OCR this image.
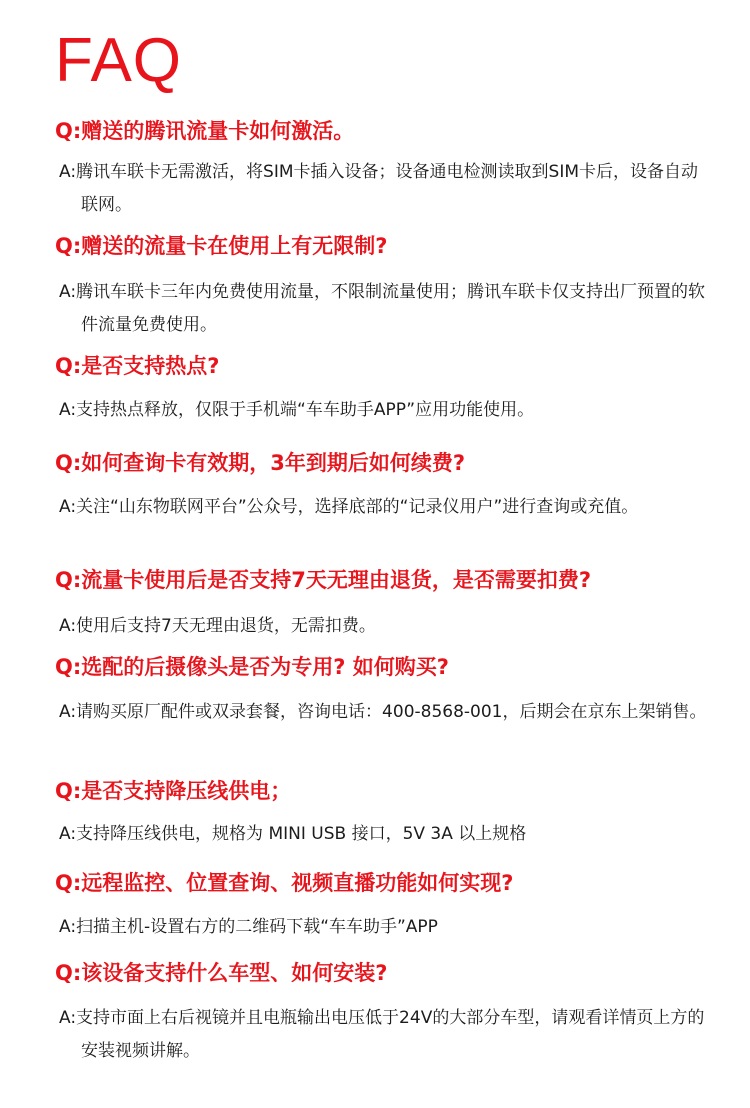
FAQ

Q:赠送的腾讯流量卡如何激活。

A:腾讯车联卡无需激活，将SIM卡插入设备；设备通电检测读取到SIM卡后，设备自动联网。

Q:赠送的流量卡在使用上有无限制?

A:腾讯车联卡三年内免费使用流量，不限制流量使用；腾讯车联卡仅支持出厂预置的软件流量免费使用。

Q:是否支持热点?

A:支持热点释放，仅限于手机端“车车助手APP”应用功能使用。

Q:如何查询卡有效期，3年到期后如何续费?

A:关注“山东物联网平台”公众号，选择底部的“记录仪用户”进行查询或充值。

Q:流量卡使用后是否支持7天无理由退货，是否需要扣费?

A:使用后支持7天无理由退货，无需扣费。

Q:选配的后摄像头是否为专用? 如何购买?

A:请购买原厂配件或双录套餐，咨询电话：400-8568-001，后期会在京东上架销售。

Q:是否支持降压线供电；

A:支持降压线供电，规格为 MINI USB 接口，5V 3A 以上规格

Q:远程监控、位置查询、视频直播功能如何实现?

A:扫描主机-设置右方的二维码下载“车车助手”APP

Q:该设备支持什么车型、如何安装?

A:支持市面上右后视镜并且电瓶输出电压低于24V的大部分车型，请观看详情页上方的安装视频讲解。
